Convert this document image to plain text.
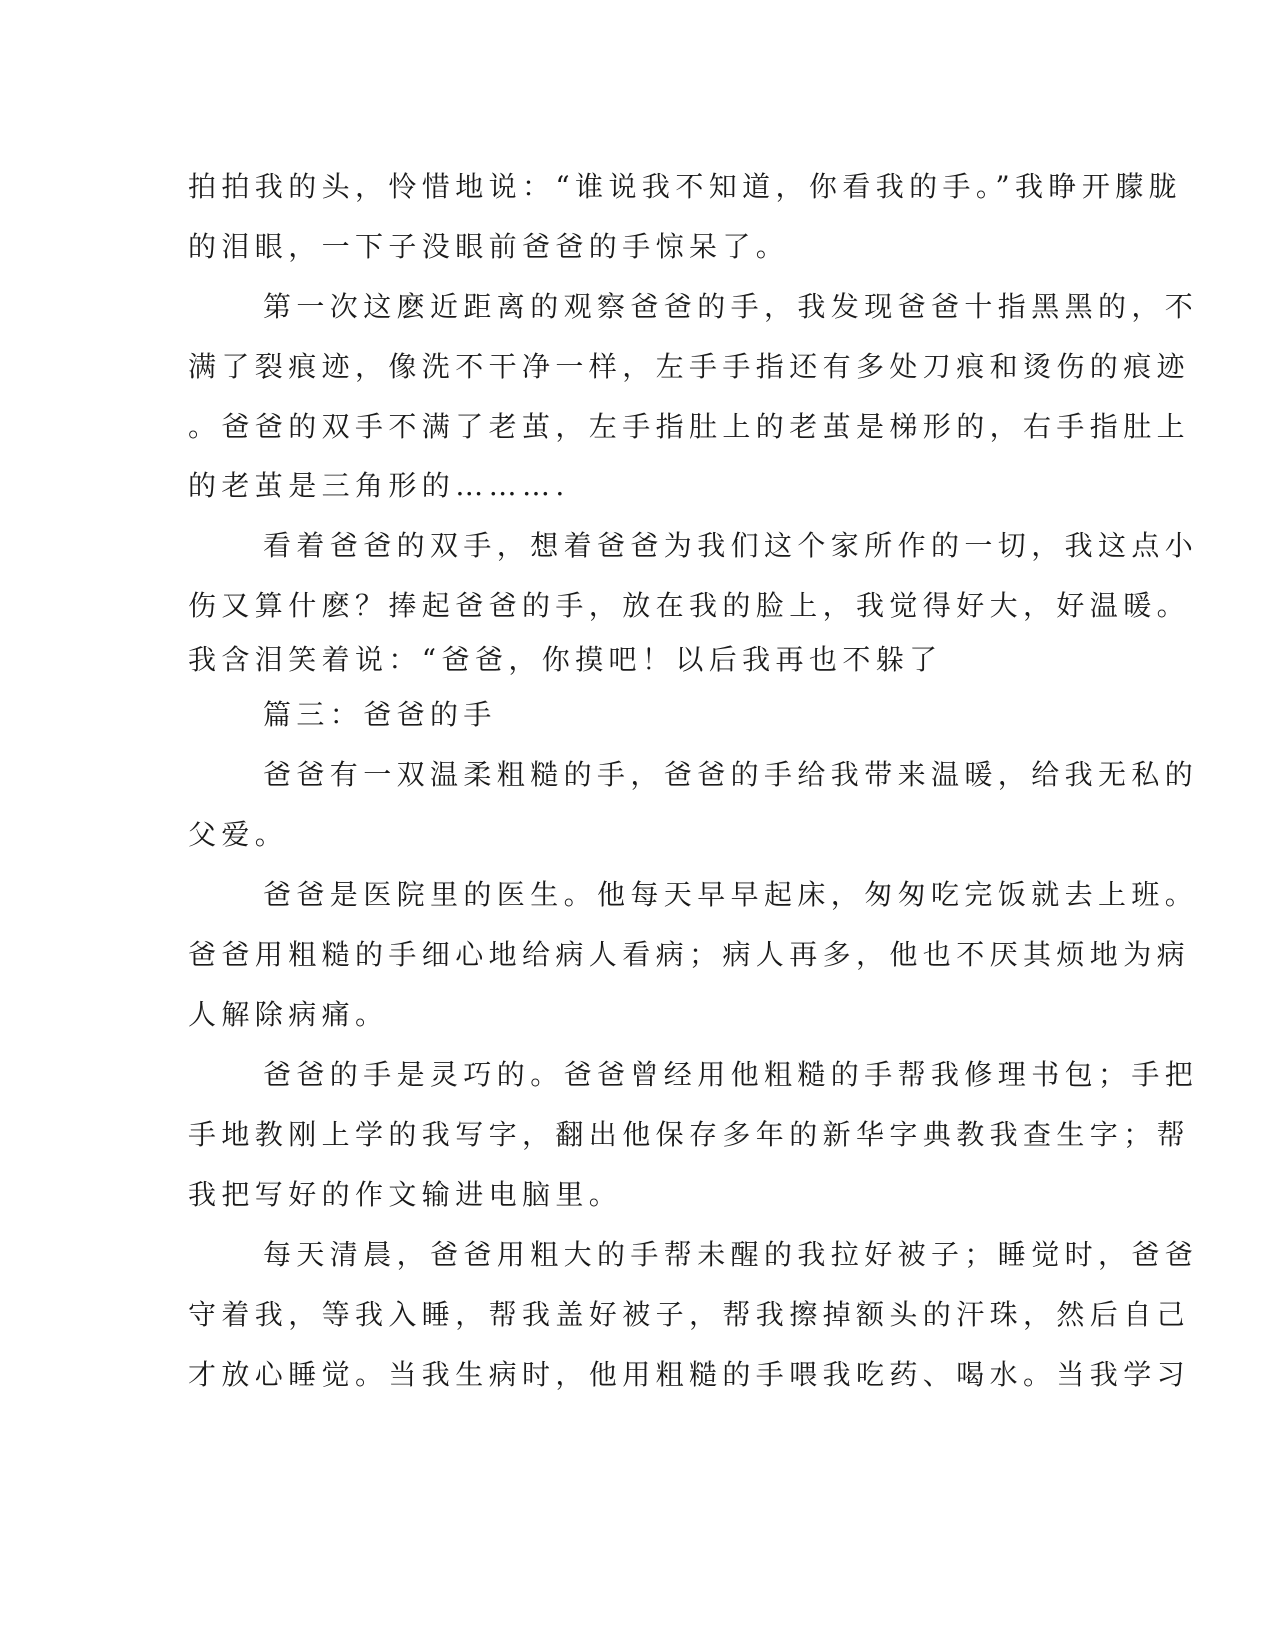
拍拍我的头，怜惜地说：“谁说我不知道，你看我的手。”我睁开朦胧
的泪眼，一下子没眼前爸爸的手惊呆了。
第一次这麽近距离的观察爸爸的手，我发现爸爸十指黑黑的，不
满了裂痕迹，像洗不干净一样，左手手指还有多处刀痕和烫伤的痕迹
。爸爸的双手不满了老茧，左手指肚上的老茧是梯形的，右手指肚上
的老茧是三角形的……….
看着爸爸的双手，想着爸爸为我们这个家所作的一切，我这点小
伤又算什麽？捧起爸爸的手，放在我的脸上，我觉得好大，好温暖。
我含泪笑着说：“爸爸，你摸吧！以后我再也不躲了
篇三：爸爸的手
爸爸有一双温柔粗糙的手，爸爸的手给我带来温暖，给我无私的
父爱。
爸爸是医院里的医生。他每天早早起床，匆匆吃完饭就去上班。
爸爸用粗糙的手细心地给病人看病；病人再多，他也不厌其烦地为病
人解除病痛。
爸爸的手是灵巧的。爸爸曾经用他粗糙的手帮我修理书包；手把
手地教刚上学的我写字，翻出他保存多年的新华字典教我查生字；帮
我把写好的作文输进电脑里。
每天清晨，爸爸用粗大的手帮未醒的我拉好被子；睡觉时，爸爸
守着我，等我入睡，帮我盖好被子，帮我擦掉额头的汗珠，然后自己
才放心睡觉。当我生病时，他用粗糙的手喂我吃药、喝水。当我学习
